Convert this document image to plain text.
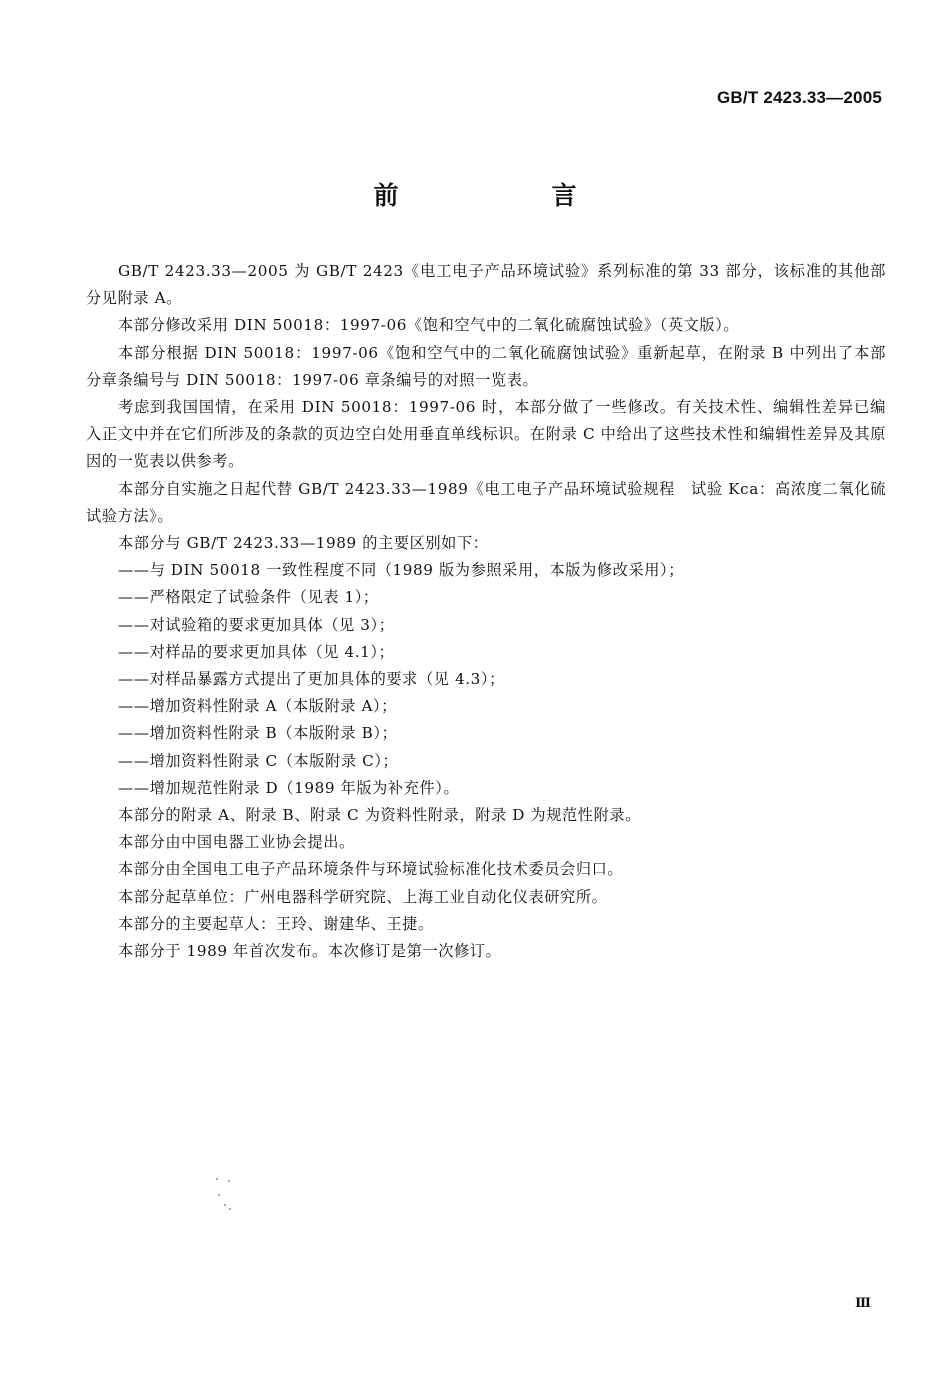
GB/T 2423.33—2005
前　言

GB/T 2423.33—2005 为 GB/T 2423《电工电子产品环境试验》系列标准的第 33 部分，该标准的其他部分见附录 A。

本部分修改采用 DIN 50018：1997-06《饱和空气中的二氧化硫腐蚀试验》（英文版）。

本部分根据 DIN 50018：1997-06《饱和空气中的二氧化硫腐蚀试验》重新起草，在附录 B 中列出了本部分章条编号与 DIN 50018：1997-06 章条编号的对照一览表。

考虑到我国国情，在采用 DIN 50018：1997-06 时，本部分做了一些修改。有关技术性、编辑性差异已编入正文中并在它们所涉及的条款的页边空白处用垂直单线标识。在附录 C 中给出了这些技术性和编辑性差异及其原因的一览表以供参考。

本部分自实施之日起代替 GB/T 2423.33—1989《电工电子产品环境试验规程　试验 Kca：高浓度二氧化硫试验方法》。

本部分与 GB/T 2423.33—1989 的主要区别如下：

——与 DIN 50018 一致性程度不同（1989 版为参照采用，本版为修改采用）；

——严格限定了试验条件（见表 1）；

——对试验箱的要求更加具体（见 3）；

——对样品的要求更加具体（见 4.1）；

——对样品暴露方式提出了更加具体的要求（见 4.3）；

——增加资料性附录 A（本版附录 A）；

——增加资料性附录 B（本版附录 B）；

——增加资料性附录 C（本版附录 C）；

——增加规范性附录 D（1989 年版为补充件）。

本部分的附录 A、附录 B、附录 C 为资料性附录，附录 D 为规范性附录。

本部分由中国电器工业协会提出。

本部分由全国电工电子产品环境条件与环境试验标准化技术委员会归口。

本部分起草单位：广州电器科学研究院、上海工业自动化仪表研究所。

本部分的主要起草人：王玲、谢建华、王捷。

本部分于 1989 年首次发布。本次修订是第一次修订。

Ⅲ
